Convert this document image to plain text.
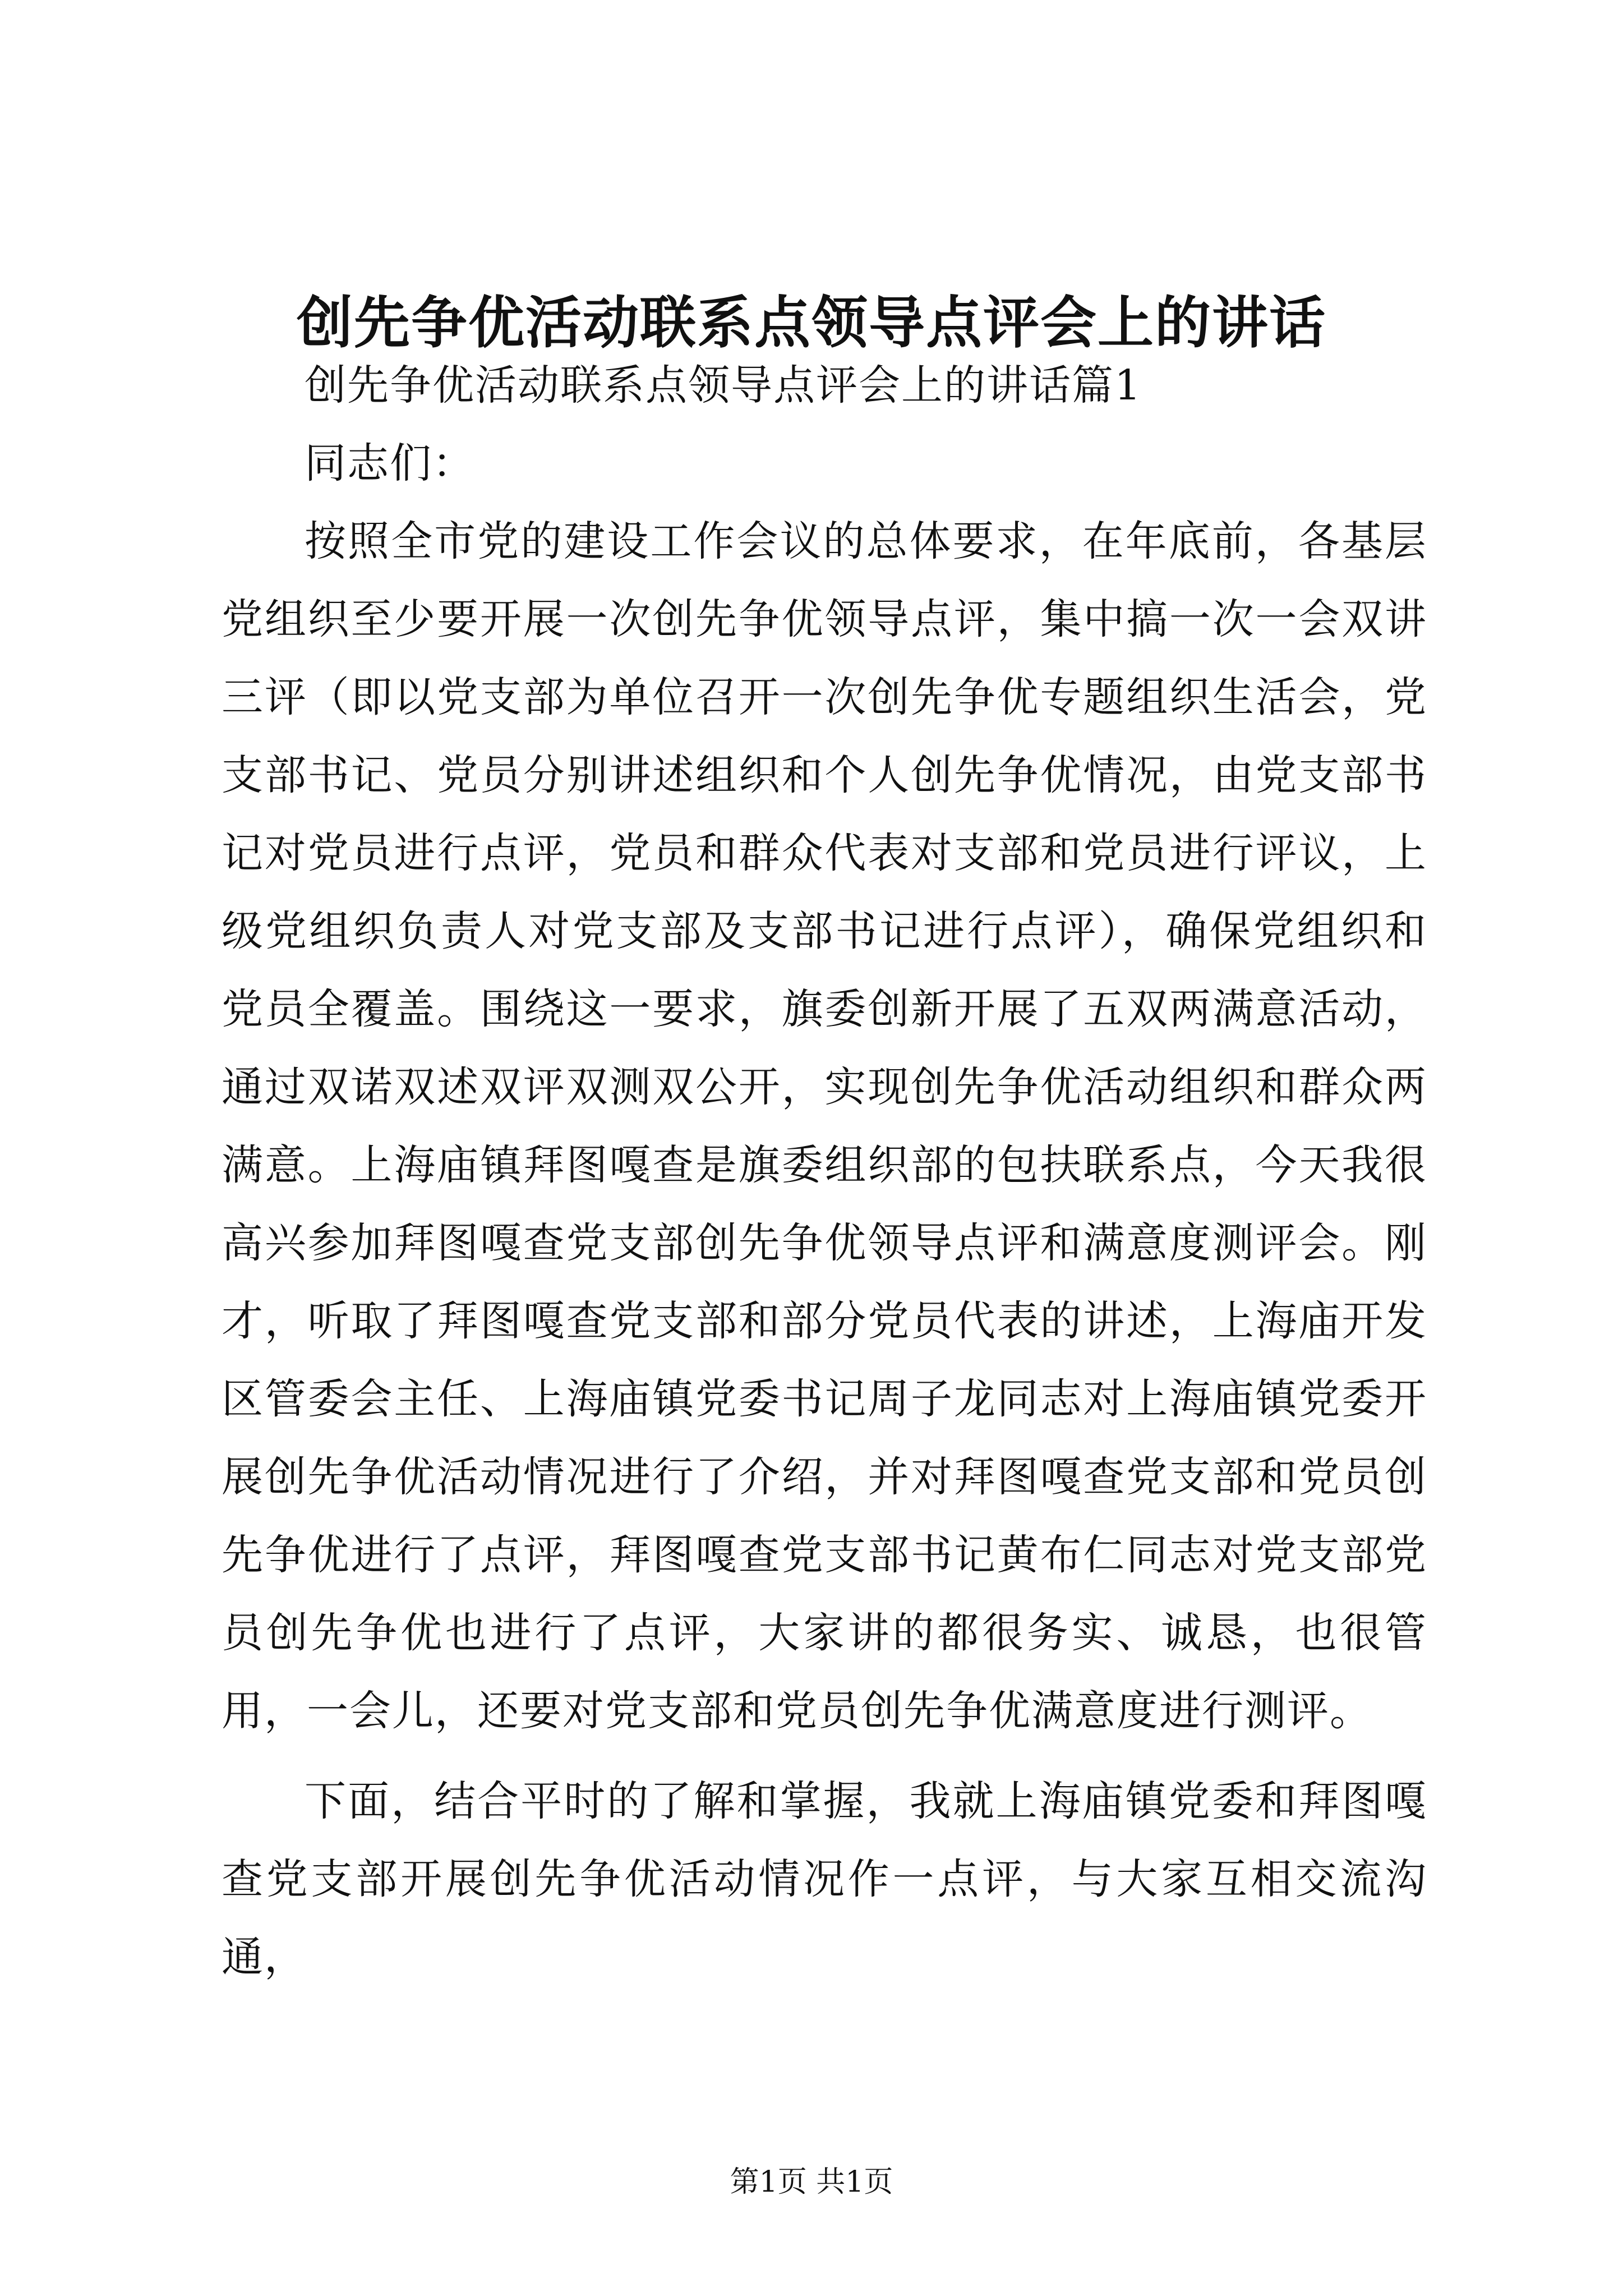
创先争优活动联系点领导点评会上的讲话

创先争优活动联系点领导点评会上的讲话篇1

同志们：

按照全市党的建设工作会议的总体要求，在年底前，各基层党组织至少要开展一次创先争优领导点评，集中搞一次一会双讲三评（即以党支部为单位召开一次创先争优专题组织生活会，党支部书记、党员分别讲述组织和个人创先争优情况，由党支部书记对党员进行点评，党员和群众代表对支部和党员进行评议，上级党组织负责人对党支部及支部书记进行点评），确保党组织和党员全覆盖。围绕这一要求，旗委创新开展了五双两满意活动，通过双诺双述双评双测双公开，实现创先争优活动组织和群众两满意。上海庙镇拜图嘎查是旗委组织部的包扶联系点，今天我很高兴参加拜图嘎查党支部创先争优领导点评和满意度测评会。刚才，听取了拜图嘎查党支部和部分党员代表的讲述，上海庙开发区管委会主任、上海庙镇党委书记周子龙同志对上海庙镇党委开展创先争优活动情况进行了介绍，并对拜图嘎查党支部和党员创先争优进行了点评，拜图嘎查党支部书记黄布仁同志对党支部党员创先争优也进行了点评，大家讲的都很务实、诚恳，也很管用，一会儿，还要对党支部和党员创先争优满意度进行测评。

下面，结合平时的了解和掌握，我就上海庙镇党委和拜图嘎查党支部开展创先争优活动情况作一点评，与大家互相交流沟通，

第1页 共1页
